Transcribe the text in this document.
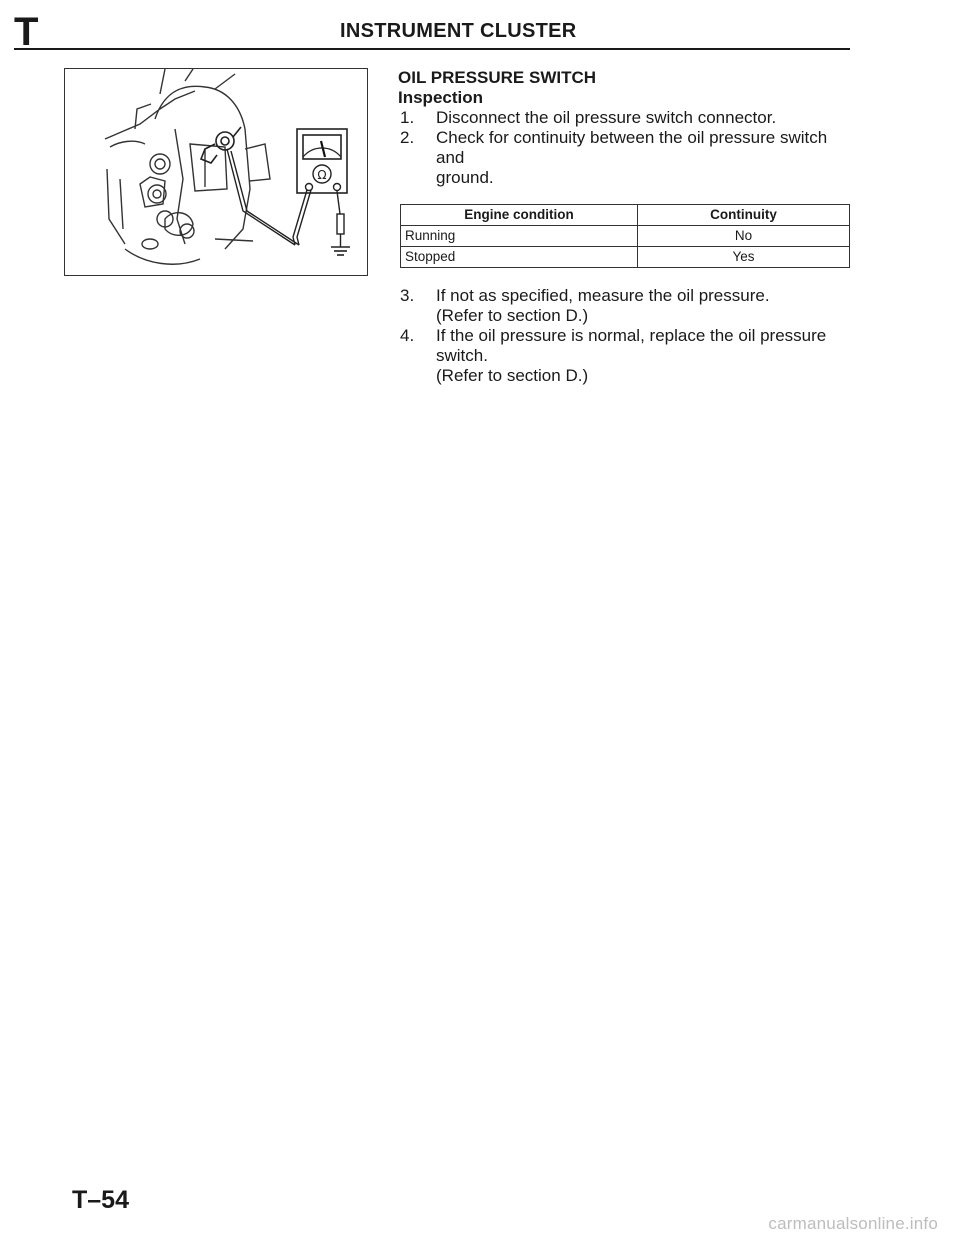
T	INSTRUMENT CLUSTER
Ω
OIL PRESSURE SWITCH
Inspection
1. Disconnect the oil pressure switch connector.
2. Check for continuity between the oil pressure switch and
ground.
Engine condition	Continuity
Running	No
Stopped	Yes
3. If not as specified, measure the oil pressure.
(Refer to section D.)
4. If the oil pressure is normal, replace the oil pressure
switch.
(Refer to section D.)
T–54
carmanualsonline.info
